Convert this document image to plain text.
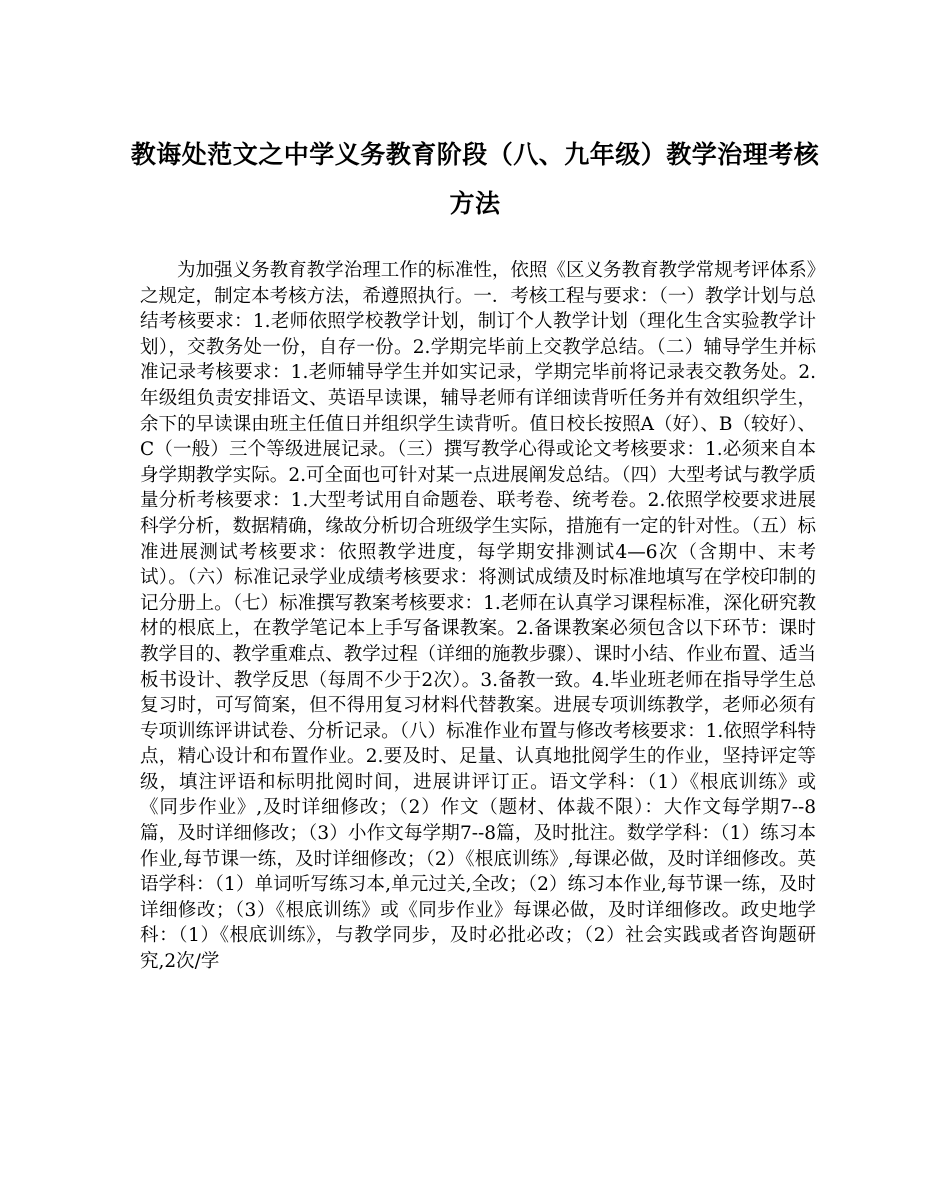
教诲处范文之中学义务教育阶段（八、九年级）教学治理考核方法

为加强义务教育教学治理工作的标准性，依照《区义务教育教学常规考评体系》之规定，制定本考核方法，希遵照执行。一．考核工程与要求：（一）教学计划与总结考核要求：1.老师依照学校教学计划，制订个人教学计划（理化生含实验教学计划），交教务处一份，自存一份。2.学期完毕前上交教学总结。（二）辅导学生并标准记录考核要求：1.老师辅导学生并如实记录，学期完毕前将记录表交教务处。2.年级组负责安排语文、英语早读课，辅导老师有详细读背听任务并有效组织学生，余下的早读课由班主任值日并组织学生读背听。值日校长按照A（好）、B（较好）、C（一般）三个等级进展记录。（三）撰写教学心得或论文考核要求：1.必须来自本身学期教学实际。2.可全面也可针对某一点进展阐发总结。（四）大型考试与教学质量分析考核要求：1.大型考试用自命题卷、联考卷、统考卷。2.依照学校要求进展科学分析，数据精确，缘故分析切合班级学生实际，措施有一定的针对性。（五）标准进展测试考核要求：依照教学进度，每学期安排测试4—6次（含期中、末考试）。（六）标准记录学业成绩考核要求：将测试成绩及时标准地填写在学校印制的记分册上。（七）标准撰写教案考核要求：1.老师在认真学习课程标准，深化研究教材的根底上，在教学笔记本上手写备课教案。2.备课教案必须包含以下环节：课时教学目的、教学重难点、教学过程（详细的施教步骤）、课时小结、作业布置、适当板书设计、教学反思（每周不少于2次）。3.备教一致。4.毕业班老师在指导学生总复习时，可写简案，但不得用复习材料代替教案。进展专项训练教学，老师必须有专项训练评讲试卷、分析记录。（八）标准作业布置与修改考核要求：1.依照学科特点，精心设计和布置作业。2.要及时、足量、认真地批阅学生的作业，坚持评定等级，填注评语和标明批阅时间，进展讲评订正。语文学科：（1）《根底训练》或《同步作业》,及时详细修改；（2）作文（题材、体裁不限）：大作文每学期7--8篇，及时详细修改；（3）小作文每学期7--8篇，及时批注。数学学科：（1）练习本作业,每节课一练，及时详细修改；（2）《根底训练》,每课必做，及时详细修改。英语学科：（1）单词听写练习本,单元过关,全改；（2）练习本作业,每节课一练，及时详细修改；（3）《根底训练》或《同步作业》每课必做，及时详细修改。政史地学科：（1）《根底训练》，与教学同步，及时必批必改；（2）社会实践或者咨询题研究,2次/学
